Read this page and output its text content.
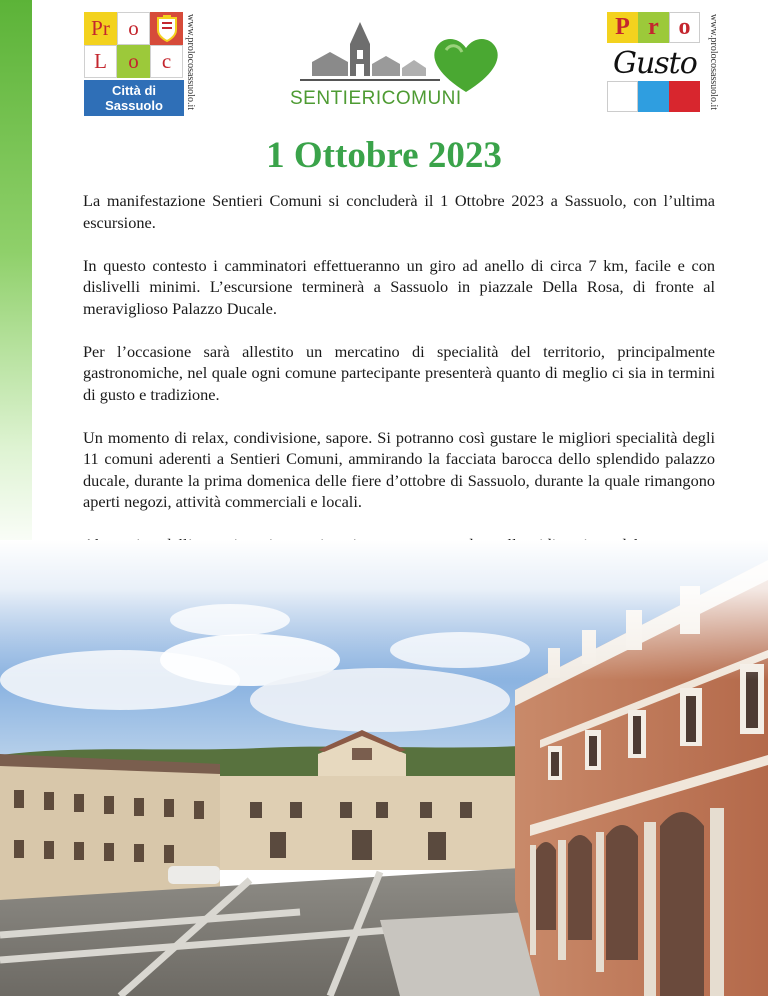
Pr o
L	o	c
Città di
Sassuolo	www.prolocosassuolo.it	SENTIERICOMUNI
P r o
Gusto www.prolocosassuolo.it
1 Ottobre 2023

La manifestazione Sentieri Comuni si concluderà il 1 Ottobre 2023 a Sassuolo, con l’ultima escursione.

In questo contesto i camminatori effettueranno un giro ad anello di circa 7 km, facile e con dislivelli minimi. L’escursione terminerà a Sassuolo in piazzale Della Rosa, di fronte al meraviglioso Palazzo Ducale.

Per l’occasione sarà allestito un mercatino di specialità del territorio, principalmente gastronomiche, nel quale ogni comune partecipante presenterà quanto di meglio ci sia in termini di gusto e tradizione.

Un momento di relax, condivisione, sapore. Si potranno così gustare le migliori specialità degli 11 comuni aderenti a Sentieri Comuni, ammirando la facciata barocca dello splendido palazzo ducale, durante la prima domenica delle fiere d’ottobre di Sassuolo, durante la quale rimangono aperti negozi, attività commerciali e locali.
